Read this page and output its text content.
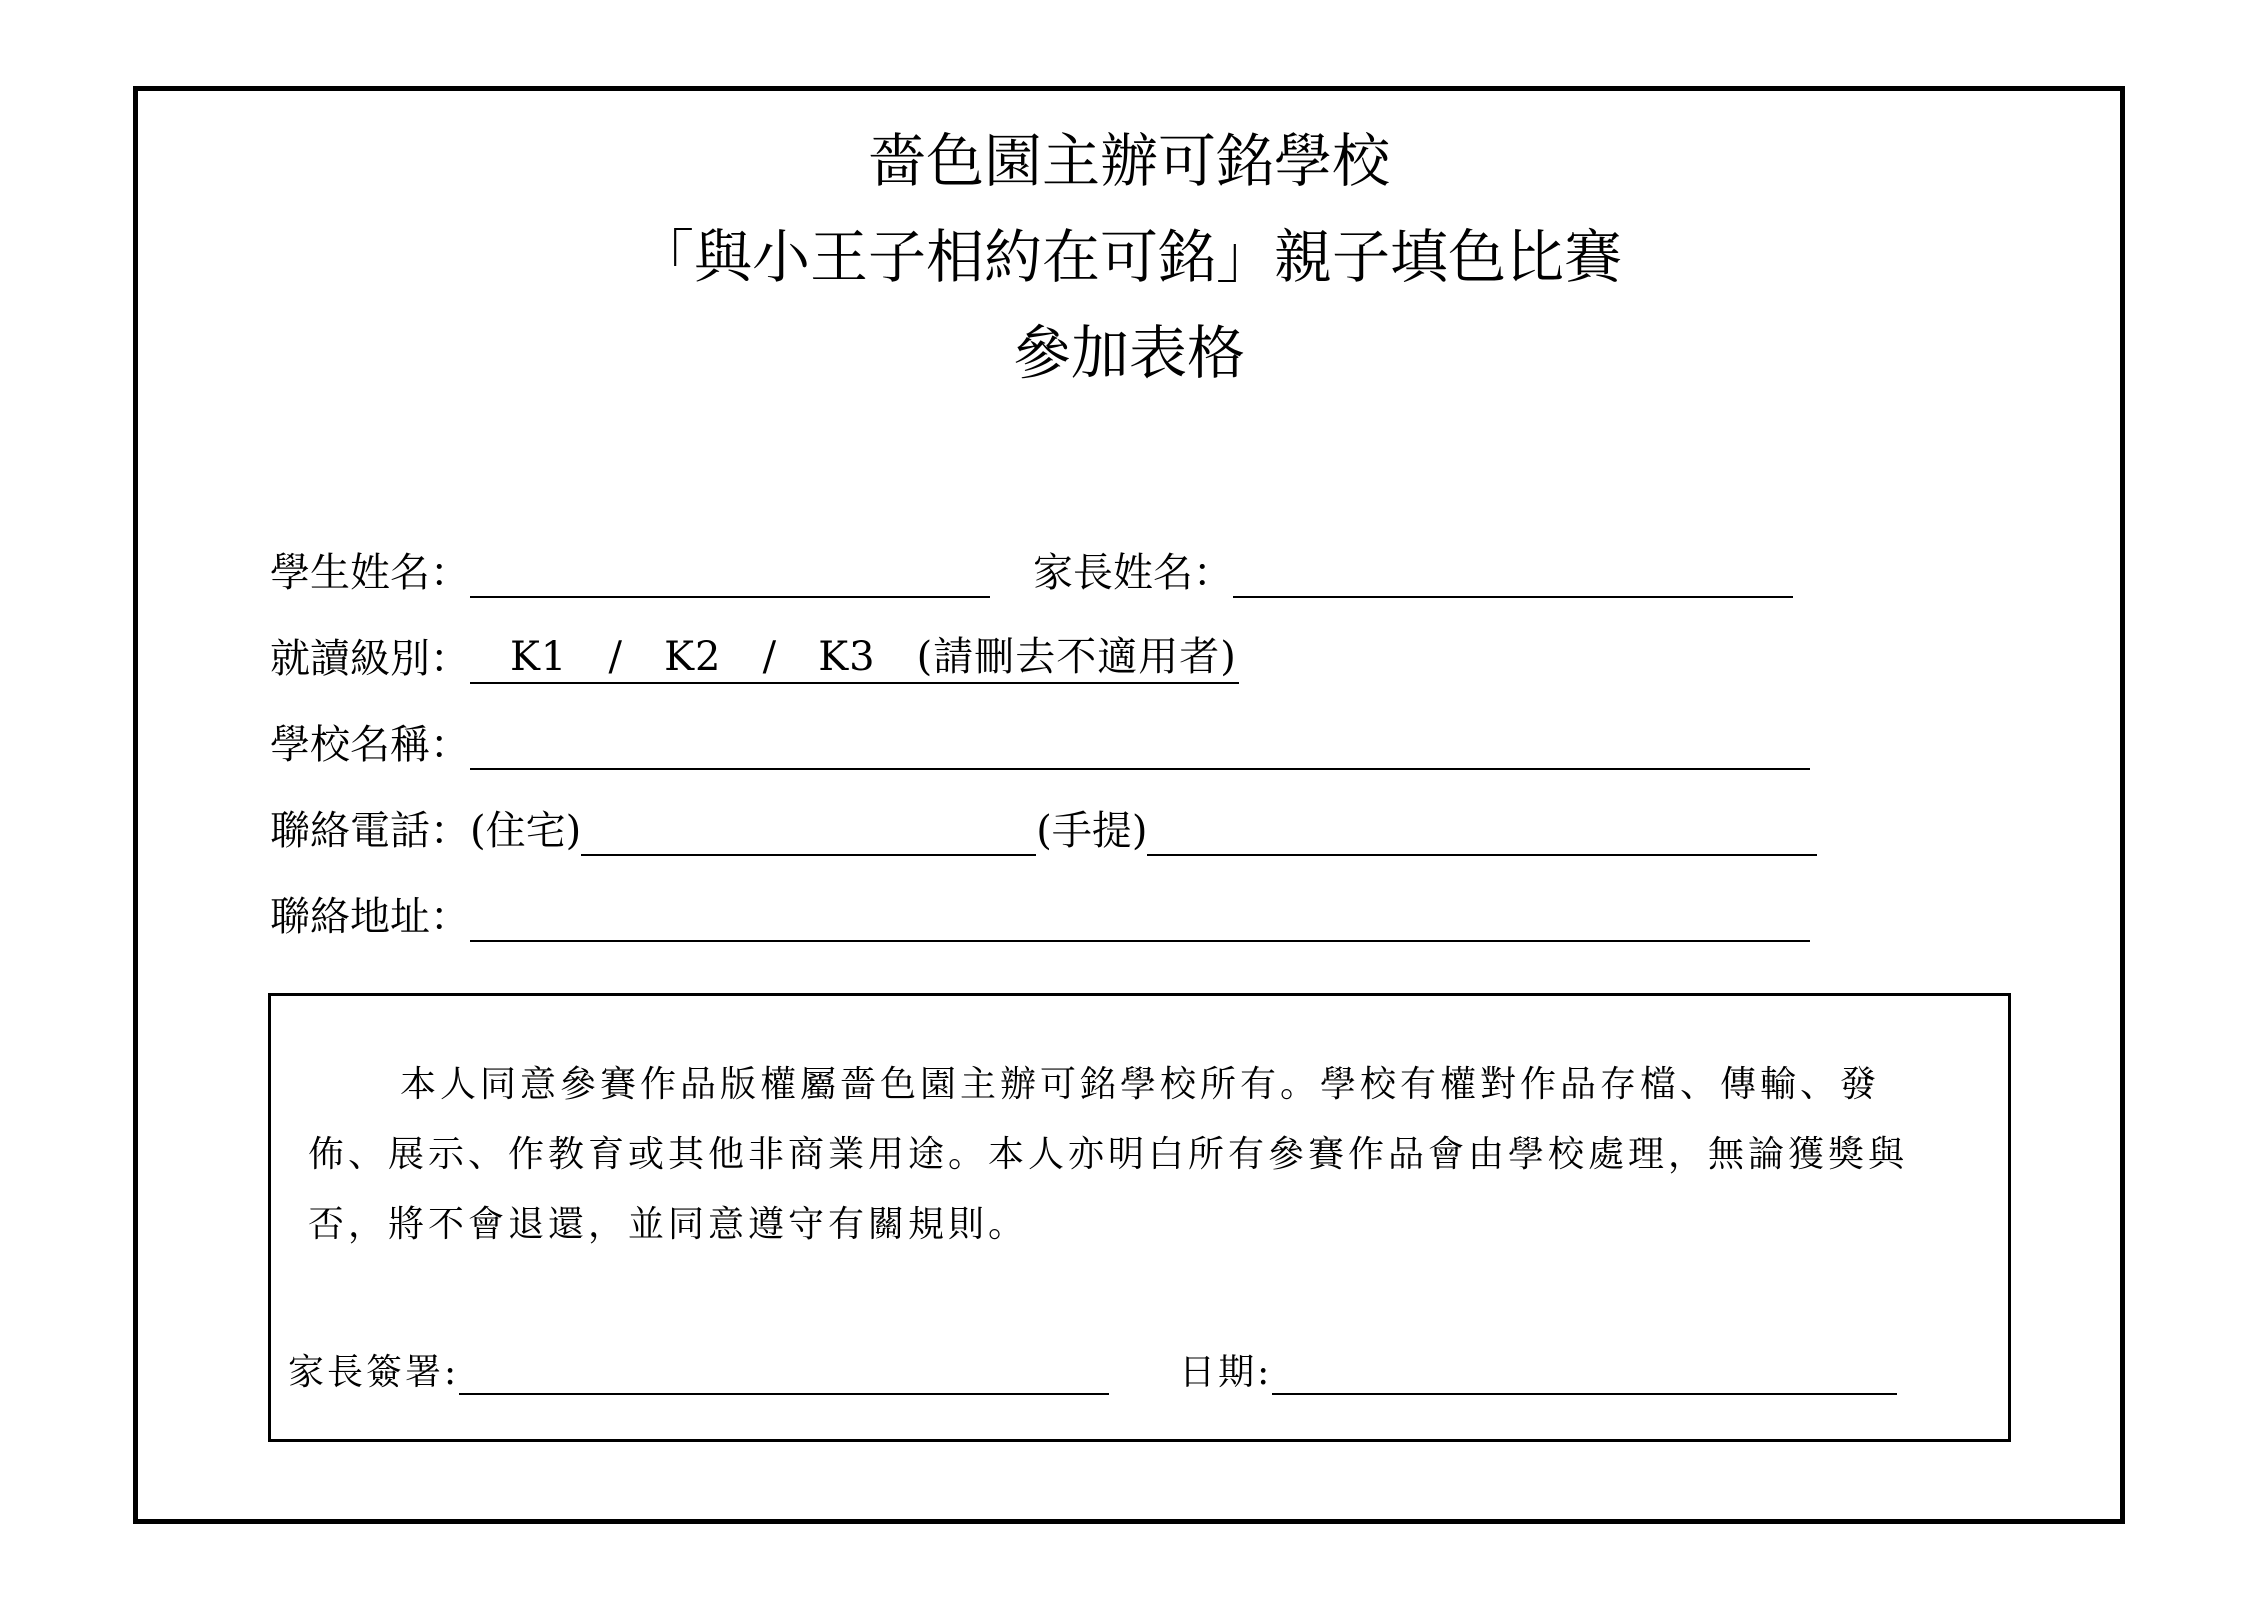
嗇色園主辦可銘學校
「與小王子相約在可銘」親子填色比賽
參加表格
學生姓名：	家長姓名：
就讀級別：	K1   /   K2   /   K3   (請刪去不適用者)
學校名稱：
聯絡電話： (住宅)	(手提)
聯絡地址：
本人同意參賽作品版權屬嗇色園主辦可銘學校所有。學校有權對作品存檔、傳輸、發佈、展示、作教育或其他非商業用途。本人亦明白所有參賽作品會由學校處理，無論獲獎與否，將不會退還，並同意遵守有關規則。
家長簽署:	日期:
